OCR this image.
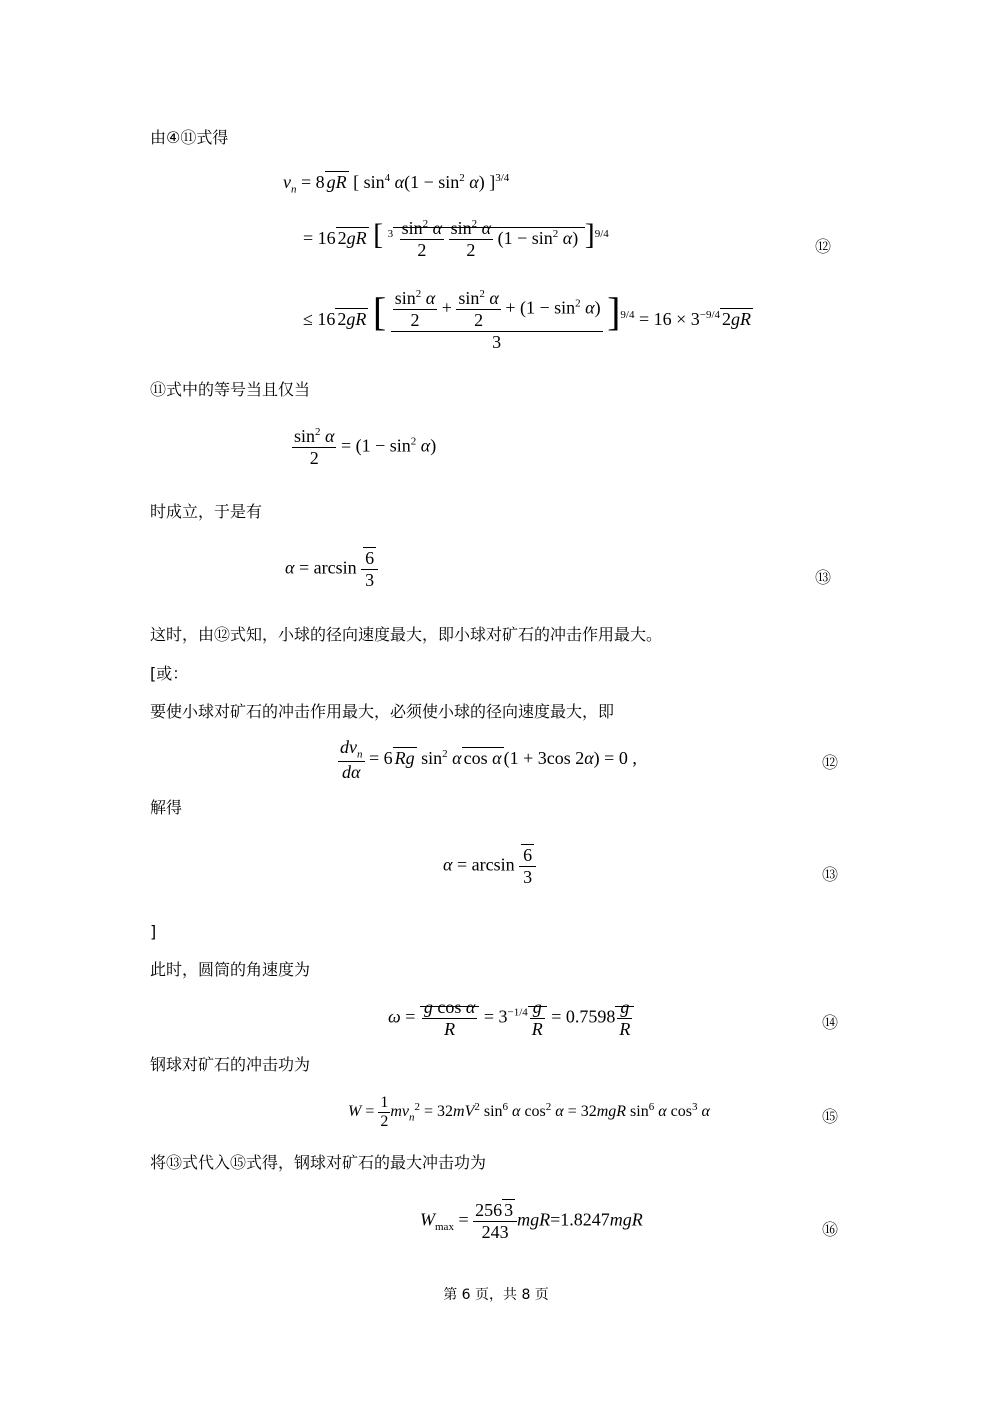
由④⑪式得
$v_n = 8$ gR [ $\sin^4 \alpha(1 - \sin^2 \alpha)$ ]$^{3/4}$
= 16 2gR [ $^3 \frac{\sin^2 \alpha}{2}$
$\frac{\sin^2 \alpha}{2} (1 - \sin^2 \alpha)$ ]$^{9/4}$
⑫
≤ 16 2gR [ $\frac{\frac{\sin^2 \alpha}{2} + \frac{\sin^2 \alpha}{2} + (1 - \sin^2 \alpha)}{3} ]^{9/4} = 16 \times 3^{-9/4}$ 2gR
⑪式中的等号当且仅当
$\frac{\sin^2 \alpha}{2} = (1 - \sin^2 \alpha)$
时成立，于是有
$\alpha = \arcsin \frac{6}{3}$	⑬
这时，由⑫式知，小球的径向速度最大，即小球对矿石的冲击作用最大。
[或：
要使小球对矿石的冲击作用最大，必须使小球的径向速度最大，即
$\frac{dv_n}{d\alpha} = 6$ Rg $\sin^2 \alpha$ cos α (1 + 3cos 2α) = 0 ,	⑫
解得
$\alpha = \arcsin \frac{6}{3}$	⑬
]
此时，圆筒的角速度为
$\omega = \frac{\text{g cos α}}{R} = 3^{-1/4} \frac{g}{R} = 0.7598 \frac{g}{R}$	⑭
钢球对矿石的冲击功为
$W = \frac{1}{2} mv_n^2 = 32mV^2$ $\sin^6 \alpha$ $\cos^2 \alpha = 32mgR$ $\sin^6 \alpha$ $\cos^3 \alpha$	⑮
将⑬式代入⑮式得，钢球对矿石的最大冲击功为
$W_{max} = \frac{256 3}{243} mgR=1.8247mgR$
⑯
第 6 页，共 8 页
